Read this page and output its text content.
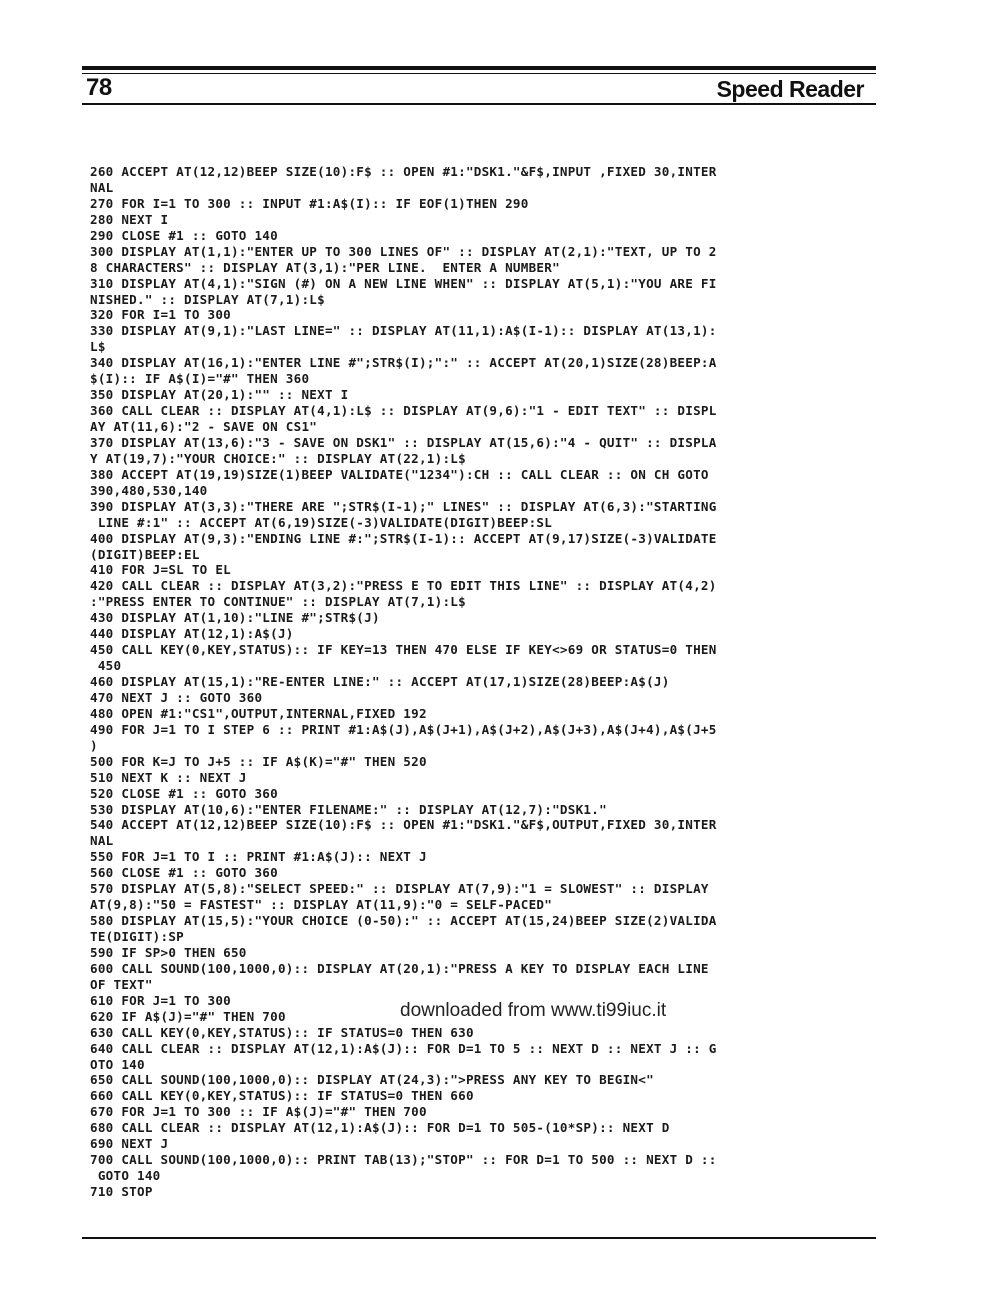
78	Speed Reader
260 ACCEPT AT(12,12)BEEP SIZE(10):F$ :: OPEN #1:"DSK1."&F$,INPUT ,FIXED 30,INTER
NAL
270 FOR I=1 TO 300 :: INPUT #1:A$(I):: IF EOF(1)THEN 290
280 NEXT I
290 CLOSE #1 :: GOTO 140
300 DISPLAY AT(1,1):"ENTER UP TO 300 LINES OF" :: DISPLAY AT(2,1):"TEXT, UP TO 2
8 CHARACTERS" :: DISPLAY AT(3,1):"PER LINE.  ENTER A NUMBER"
310 DISPLAY AT(4,1):"SIGN (#) ON A NEW LINE WHEN" :: DISPLAY AT(5,1):"YOU ARE FI
NISHED." :: DISPLAY AT(7,1):L$
320 FOR I=1 TO 300
330 DISPLAY AT(9,1):"LAST LINE=" :: DISPLAY AT(11,1):A$(I-1):: DISPLAY AT(13,1):
L$
340 DISPLAY AT(16,1):"ENTER LINE #";STR$(I);":" :: ACCEPT AT(20,1)SIZE(28)BEEP:A
$(I):: IF A$(I)="#" THEN 360
350 DISPLAY AT(20,1):"" :: NEXT I
360 CALL CLEAR :: DISPLAY AT(4,1):L$ :: DISPLAY AT(9,6):"1 - EDIT TEXT" :: DISPL
AY AT(11,6):"2 - SAVE ON CS1"
370 DISPLAY AT(13,6):"3 - SAVE ON DSK1" :: DISPLAY AT(15,6):"4 - QUIT" :: DISPLA
Y AT(19,7):"YOUR CHOICE:" :: DISPLAY AT(22,1):L$
380 ACCEPT AT(19,19)SIZE(1)BEEP VALIDATE("1234"):CH :: CALL CLEAR :: ON CH GOTO
390,480,530,140
390 DISPLAY AT(3,3):"THERE ARE ";STR$(I-1);" LINES" :: DISPLAY AT(6,3):"STARTING
LINE #:1" :: ACCEPT AT(6,19)SIZE(-3)VALIDATE(DIGIT)BEEP:SL
400 DISPLAY AT(9,3):"ENDING LINE #:";STR$(I-1):: ACCEPT AT(9,17)SIZE(-3)VALIDATE
(DIGIT)BEEP:EL
410 FOR J=SL TO EL
420 CALL CLEAR :: DISPLAY AT(3,2):"PRESS E TO EDIT THIS LINE" :: DISPLAY AT(4,2)
:"PRESS ENTER TO CONTINUE" :: DISPLAY AT(7,1):L$
430 DISPLAY AT(1,10):"LINE #";STR$(J)
440 DISPLAY AT(12,1):A$(J)
450 CALL KEY(0,KEY,STATUS):: IF KEY=13 THEN 470 ELSE IF KEY<>69 OR STATUS=0 THEN
450
460 DISPLAY AT(15,1):"RE-ENTER LINE:" :: ACCEPT AT(17,1)SIZE(28)BEEP:A$(J)
470 NEXT J :: GOTO 360
480 OPEN #1:"CS1",OUTPUT,INTERNAL,FIXED 192
490 FOR J=1 TO I STEP 6 :: PRINT #1:A$(J),A$(J+1),A$(J+2),A$(J+3),A$(J+4),A$(J+5
)
500 FOR K=J TO J+5 :: IF A$(K)="#" THEN 520
510 NEXT K :: NEXT J
520 CLOSE #1 :: GOTO 360
530 DISPLAY AT(10,6):"ENTER FILENAME:" :: DISPLAY AT(12,7):"DSK1."
540 ACCEPT AT(12,12)BEEP SIZE(10):F$ :: OPEN #1:"DSK1."&F$,OUTPUT,FIXED 30,INTER
NAL
550 FOR J=1 TO I :: PRINT #1:A$(J):: NEXT J
560 CLOSE #1 :: GOTO 360
570 DISPLAY AT(5,8):"SELECT SPEED:" :: DISPLAY AT(7,9):"1 = SLOWEST" :: DISPLAY
AT(9,8):"50 = FASTEST" :: DISPLAY AT(11,9):"0 = SELF-PACED"
580 DISPLAY AT(15,5):"YOUR CHOICE (0-50):" :: ACCEPT AT(15,24)BEEP SIZE(2)VALIDA
TE(DIGIT):SP
590 IF SP>0 THEN 650
600 CALL SOUND(100,1000,0):: DISPLAY AT(20,1):"PRESS A KEY TO DISPLAY EACH LINE
OF TEXT"
610 FOR J=1 TO 300
620 IF A$(J)="#" THEN 700
630 CALL KEY(0,KEY,STATUS):: IF STATUS=0 THEN 630
640 CALL CLEAR :: DISPLAY AT(12,1):A$(J):: FOR D=1 TO 5 :: NEXT D :: NEXT J :: G
OTO 140
650 CALL SOUND(100,1000,0):: DISPLAY AT(24,3):">PRESS ANY KEY TO BEGIN<"
660 CALL KEY(0,KEY,STATUS):: IF STATUS=0 THEN 660
670 FOR J=1 TO 300 :: IF A$(J)="#" THEN 700
680 CALL CLEAR :: DISPLAY AT(12,1):A$(J):: FOR D=1 TO 505-(10*SP):: NEXT D
690 NEXT J
700 CALL SOUND(100,1000,0):: PRINT TAB(13);"STOP" :: FOR D=1 TO 500 :: NEXT D ::
GOTO 140
710 STOP
downloaded from www.ti99iuc.it
